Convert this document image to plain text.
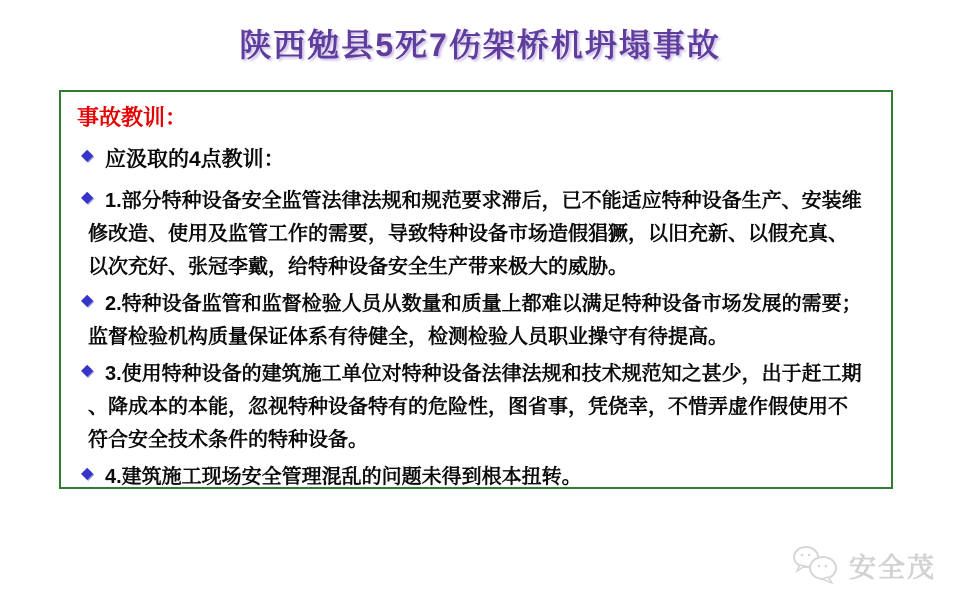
陕西勉县5死7伤架桥机坍塌事故
事故教训：
◆ 应汲取的4点教训：
◆ 1.部分特种设备安全监管法律法规和规范要求滞后，已不能适应特种设备生产、安装维
修改造、使用及监管工作的需要，导致特种设备市场造假猖獗，以旧充新、以假充真、
以次充好、张冠李戴，给特种设备安全生产带来极大的威胁。
◆ 2.特种设备监管和监督检验人员从数量和质量上都难以满足特种设备市场发展的需要；
监督检验机构质量保证体系有待健全，检测检验人员职业操守有待提高。
◆ 3.使用特种设备的建筑施工单位对特种设备法律法规和技术规范知之甚少，出于赶工期
、降成本的本能，忽视特种设备特有的危险性，图省事，凭侥幸，不惜弄虚作假使用不
符合安全技术条件的特种设备。
◆ 4.建筑施工现场安全管理混乱的问题未得到根本扭转。
安全茂
